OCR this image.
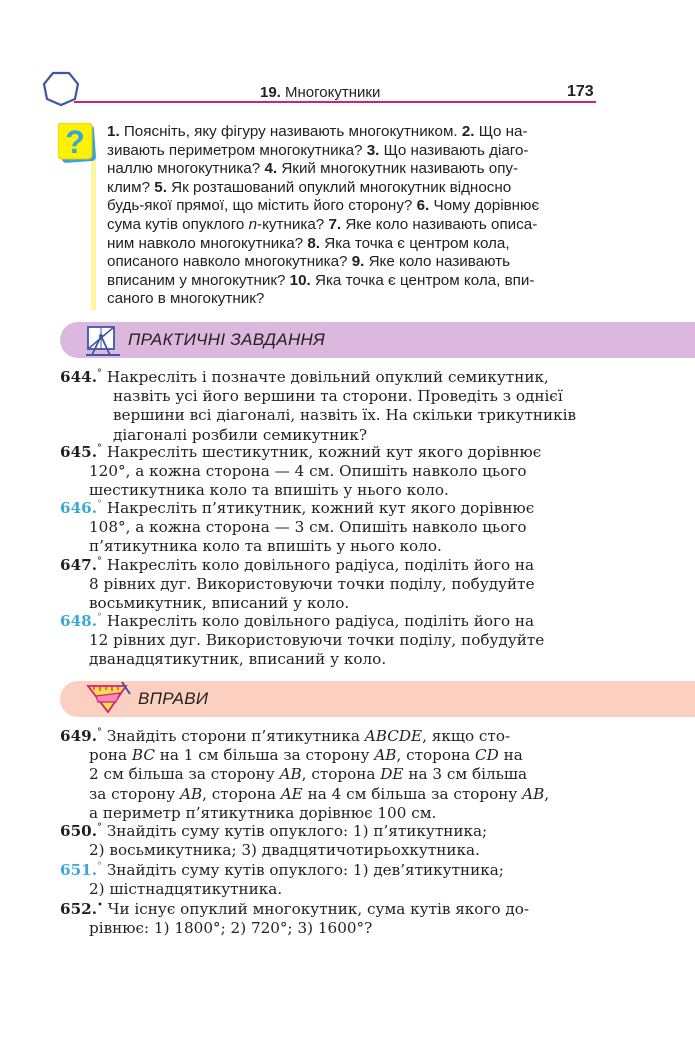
19. Многокутники	173
? 1. Поясніть, яку фігуру називають многокутником. 2. Що на-
зивають периметром многокутника? 3. Що називають діаго-
наллю многокутника? 4. Який многокутник називають опу-
клим? 5. Як розташований опуклий многокутник відносно
будь-якої прямої, що містить його сторону? 6. Чому дорівнює
сума кутів опуклого n-кутника? 7. Яке коло називають описа-
ним навколо многокутника? 8. Яка точка є центром кола,
описаного навколо многокутника? 9. Яке коло називають
вписаним у многокутник? 10. Яка точка є центром кола, впи-
саного в многокутник?
ПРАКТИЧНІ ЗАВДАННЯ
644.° Накресліть і позначте довільний опуклий семикутник,
назвіть усі його вершини та сторони. Проведіть з однієї
вершини всі діагоналі, назвіть їх. На скільки трикутників
діагоналі розбили семикутник?
645.° Накресліть шестикутник, кожний кут якого дорівнює
120°, а кожна сторона — 4 см. Опишіть навколо цього
шестикутника коло та впишіть у нього коло.
646.° Накресліть п’ятикутник, кожний кут якого дорівнює
108°, а кожна сторона — 3 см. Опишіть навколо цього
п’ятикутника коло та впишіть у нього коло.
647.° Накресліть коло довільного радіуса, поділіть його на
8 рівних дуг. Використовуючи точки поділу, побудуйте
восьмикутник, вписаний у коло.
648.° Накресліть коло довільного радіуса, поділіть його на
12 рівних дуг. Використовуючи точки поділу, побудуйте
дванадцятикутник, вписаний у коло.
ВПРАВИ
649.° Знайдіть сторони п’ятикутника ABCDE, якщо сто-
рона BC на 1 см більша за сторону AB, сторона CD на
2 см більша за сторону AB, сторона DE на 3 см більша
за сторону AB, сторона AE на 4 см більша за сторону AB,
а периметр п’ятикутника дорівнює 100 см.
650.° Знайдіть суму кутів опуклого: 1) п’ятикутника;
2) восьмикутника; 3) двадцятичотирьохкутника.
651.° Знайдіть суму кутів опуклого: 1) дев’ятикутника;
2) шістнадцятикутника.
652.• Чи існує опуклий многокутник, сума кутів якого до-
рівнює: 1) 1800°; 2) 720°; 3) 1600°?
